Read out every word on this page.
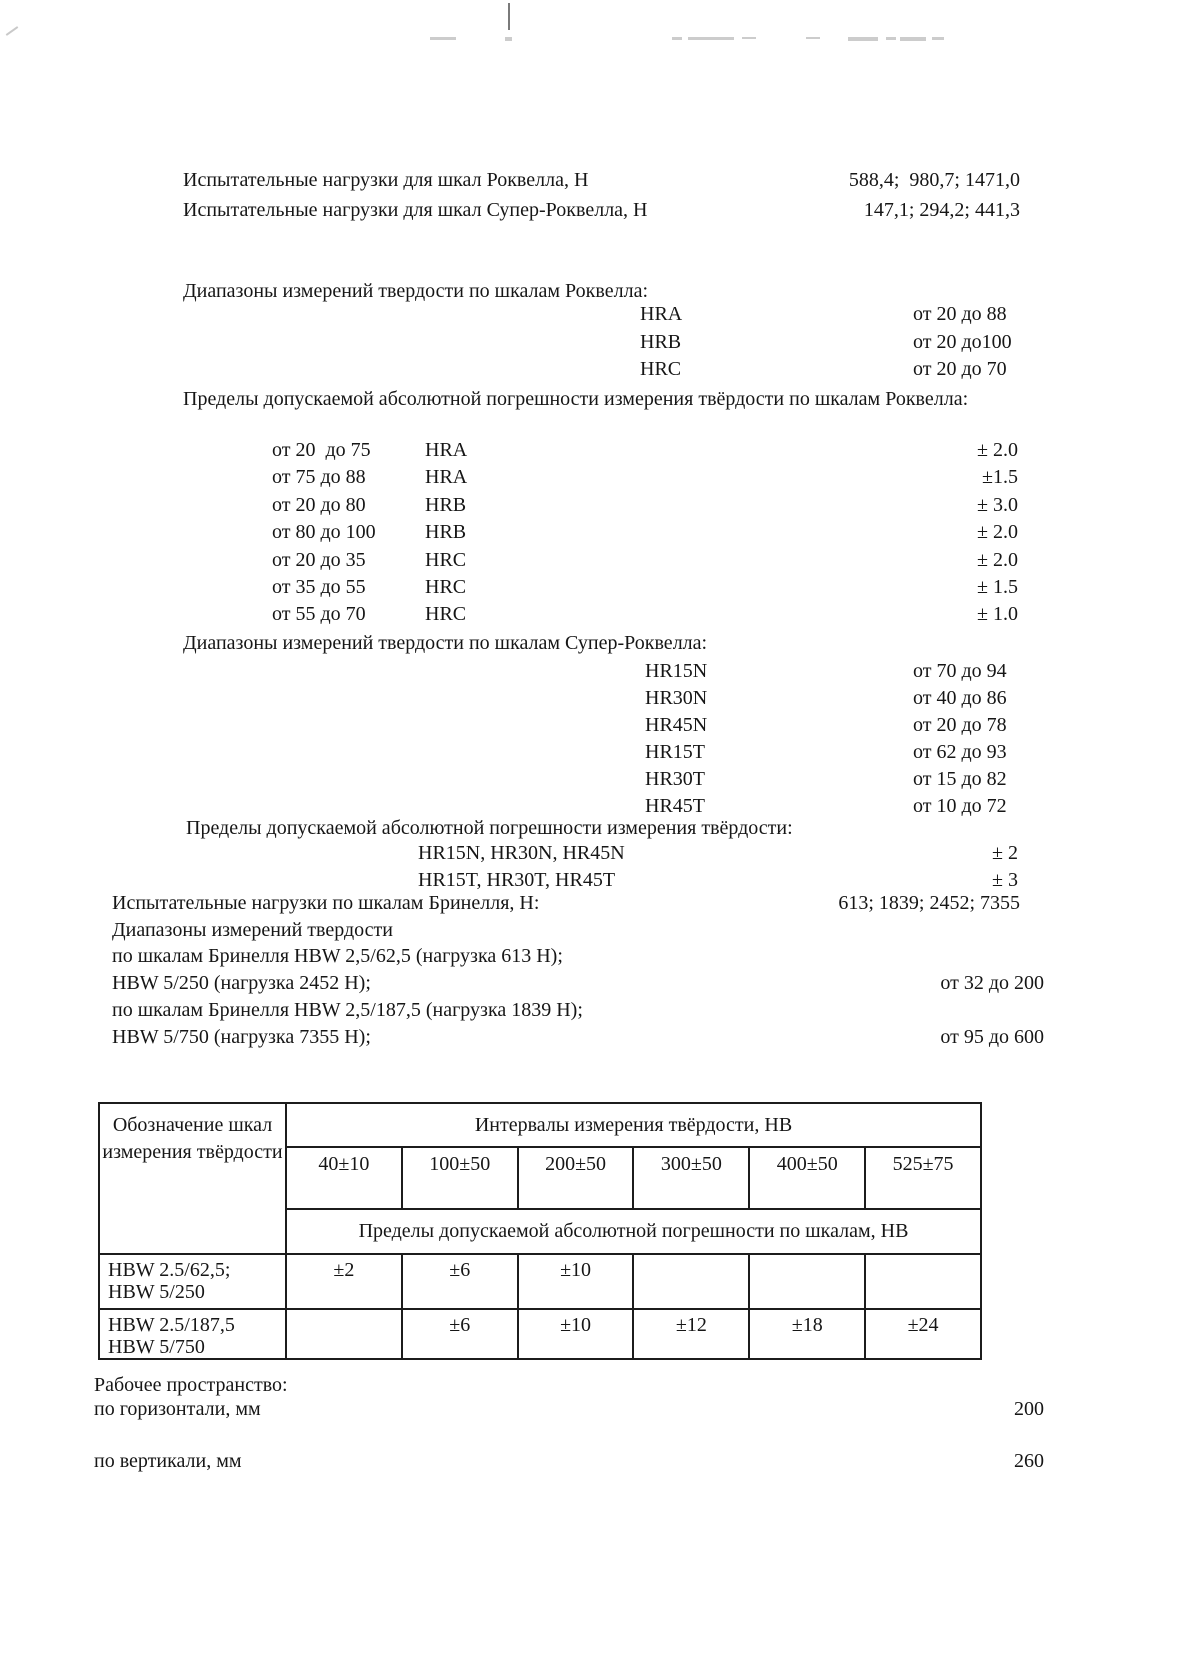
Испытательные нагрузки для шкал Роквелла, Н	588,4;  980,7; 1471,0
Испытательные нагрузки для шкал Супер-Роквелла, Н	147,1; 294,2; 441,3
Диапазоны измерений твердости по шкалам Роквелла:
HRA	от 20 до 88
HRB	от 20 до100
HRC	от 20 до 70
Пределы допускаемой абсолютной погрешности измерения твёрдости по шкалам Роквелла:
от 20  до 75	HRA	± 2.0
от 75 до 88	HRA	±1.5
от 20 до 80	HRB	± 3.0
от 80 до 100	HRB	± 2.0
от 20 до 35	HRC	± 2.0
от 35 до 55	HRC	± 1.5
от 55 до 70	HRC	± 1.0
Диапазоны измерений твердости по шкалам Супер-Роквелла:
HR15N	от 70 до 94
HR30N	от 40 до 86
HR45N	от 20 до 78
HR15T	от 62 до 93
HR30T	от 15 до 82
HR45T	от 10 до 72
Пределы допускаемой абсолютной погрешности измерения твёрдости:
HR15N, HR30N, HR45N	± 2
HR15T, HR30T, HR45T	± 3
Испытательные нагрузки по шкалам Бринелля, Н:	613; 1839; 2452; 7355
Диапазоны измерений твердости
по шкалам Бринелля HBW 2,5/62,5 (нагрузка 613 Н);
HBW 5/250 (нагрузка 2452 Н);	от 32 до 200
по шкалам Бринелля HBW 2,5/187,5 (нагрузка 1839 Н);
HBW 5/750 (нагрузка 7355 Н);	от 95 до 600
Обозначение шкал измерения твёрдости	Интервалы измерения твёрдости, НВ					
	40±10	100±50	200±50	300±50	400±50	525±75
	Пределы допускаемой абсолютной погрешности по шкалам, НВ					

HBW 2.5/62,5;
HBW 5/250	±2	±6	±10			

HBW 2.5/187,5
HBW 5/750		±6	±10	±12	±18	±24
Рабочее пространство:
по горизонтали, мм	200
по вертикали, мм	260
